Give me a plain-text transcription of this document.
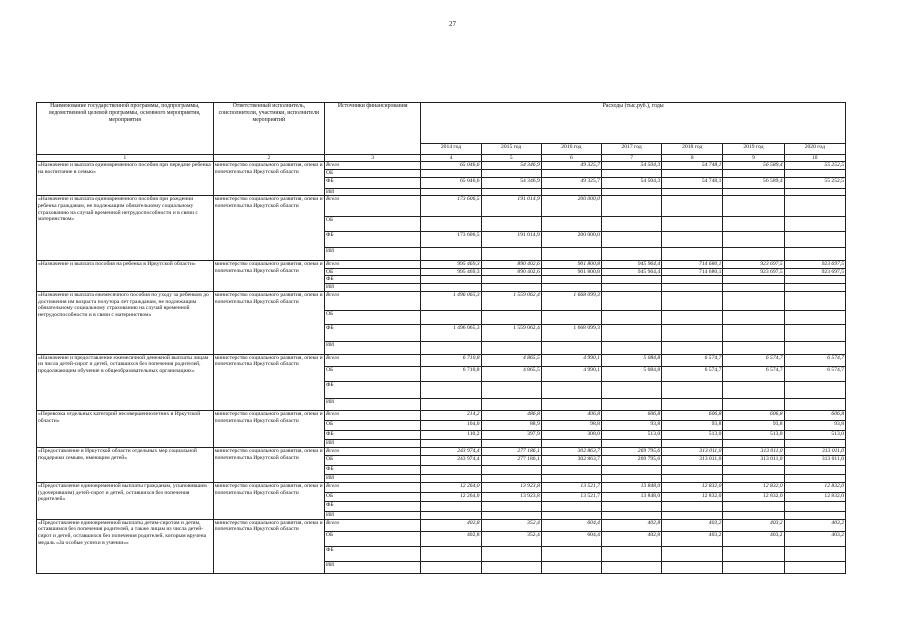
27
Наименование государственной программы, подпрограммы, ведомственной целевой программы, основного мероприятия, мероприятия	Ответственный исполнитель, соисполнители, участники, исполнители мероприятий	Источники финансирования	Расходы (тыс.руб.), годы						
			2014 год	2015 год	2016 год	2017 год	2018 год	2019 год	2020 год
1	2	3	4	5	6	7	8	9	10
«Назначение и выплата единовременного пособия при передаче ребенка на воспитание в семью»	министерство социального развития, опеки и попечительства Иркутской области	Всего	65 046,6	54 346,9	49 325,7	54 504,3	54 748,1	56 589,4	55 252,5
		ОБ							
		ФБ	65 046,6	54 346,9	49 325,7	54 504,3	54 748,1	56 589,4	55 252,5
		ИИ							
«Назначение и выплата единовременного пособия при рождении ребенка гражданам, не подлежащим обязательному социальному страхованию на случай временной нетрудоспособности и в связи с материнством»	министерство социального развития, опеки и попечительства Иркутской области	Всего	173 606,5	191 014,9	200 000,0				
		ОБ							
		ФБ	173 606,5	191 014,9	200 000,0				
		ИИ							
«Назначение и выплата пособия на ребенка в Иркутской области»	министерство социального развития, опеки и попечительства Иркутской области	Всего	995 469,3	890 402,6	901 800,8	945 964,4	714 680,1	923 697,5	923 697,5
		ОБ	995 469,3	890 402,6	901 800,8	945 964,4	714 680,1	923 697,5	923 697,5
		ФБ							
		ИИ							
«Назначение и выплата ежемесячного пособия по уходу за ребенком до достижения им возраста полутора лет гражданам, не подлежащим обязательному социальному страхованию на случай временной нетрудоспособности и в связи с материнством»	министерство социального развития, опеки и попечительства Иркутской области	Всего	1 496 065,3	1 559 062,4	1 668 099,3				
		ОБ							
		ФБ	1 496 065,3	1 559 062,4	1 668 099,3				
		ИИ							
«Назначение и предоставление ежемесячной денежной выплаты лицам из числа детей-сирот и детей, оставшихся без попечения родителей, продолжающим обучение в общеобразовательных организациях»	министерство социального развития, опеки и попечительства Иркутской области	Всего	6 710,8	4 865,5	4 990,1	5 084,8	6 574,7	6 574,7	6 574,7
		ОБ	6 710,8	4 865,5	4 990,1	5 084,8	6 574,7	6 574,7	6 574,7
		ФБ							
		ИИ							
«Перевозка отдельных категорий несовершеннолетних в Иркутской области»	министерство социального развития, опеки и попечительства Иркутской области	Всего	214,2	486,8	406,8	606,8	606,8	606,8	606,8
		ОБ	104,0	88,9	98,8	93,8	93,8	93,8	93,8
		ФБ	110,2	397,9	308,0	513,0	513,0	513,0	513,0
		ИИ							
«Предоставление в Иркутской области отдельных мер социальной поддержки семьям, имеющим детей»	министерство социального развития, опеки и попечительства Иркутской области	Всего	243 974,4	277 186,1	302 863,7	269 795,6	313 011,0	313 011,0	313 011,0
		ОБ	243 974,4	277 186,1	302 863,7	269 795,6	313 011,0	313 011,0	313 011,0
		ФБ							
		ИИ							
«Предоставление единовременной выплаты гражданам, усыновившим (удочерившим) детей-сирот и детей, оставшихся без попечения родителей»	министерство социального развития, опеки и попечительства Иркутской области	Всего	12 264,0	13 923,8	13 521,7	13 848,0	12 832,0	12 832,0	12 832,0
		ОБ	12 264,0	13 923,8	13 521,7	13 848,0	12 832,0	12 832,0	12 832,0
		ФБ							
		ИИ							
«Предоставление единовременной выплаты детям-сиротам и детям, оставшимся без попечения родителей, а также лицам из числа детей-сирот и детей, оставшихся без попечения родителей, которым вручена медаль «За особые успехи в учении»»	министерство социального развития, опеки и попечительства Иркутской области	Всего	402,8	352,4	604,4	402,8	403,2	403,2	403,2
		ОБ	402,8	352,4	604,4	402,8	403,2	403,2	403,2
		ФБ							
		ИИ							
